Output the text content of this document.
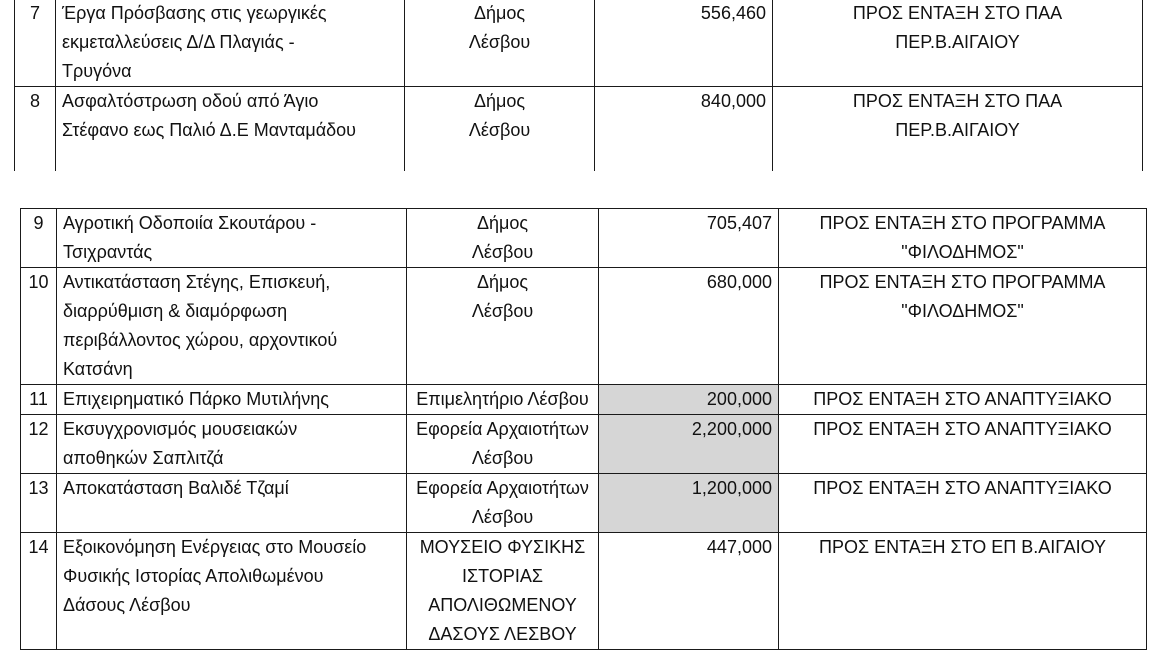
7	Έργα Πρόσβασης στις γεωργικές
εκμεταλλεύσεις Δ/Δ Πλαγιάς -
Τρυγόνα	Δήμος
Λέσβου	556,460	ΠΡΟΣ ΕΝΤΑΞΗ ΣΤΟ ΠΑΑ
ΠΕΡ.Β.ΑΙΓΑΙΟΥ

8	Ασφαλτόστρωση οδού από Άγιο
Στέφανο εως Παλιό Δ.Ε Μανταμάδου	Δήμος
Λέσβου	840,000	ΠΡΟΣ ΕΝΤΑΞΗ ΣΤΟ ΠΑΑ
ΠΕΡ.Β.ΑΙΓΑΙΟΥ
9	Αγροτική Οδοποιία Σκουτάρου -
Τσιχραντάς	Δήμος
Λέσβου	705,407	ΠΡΟΣ ΕΝΤΑΞΗ ΣΤΟ ΠΡΟΓΡΑΜΜΑ
"ΦΙΛΟΔΗΜΟΣ"

10	Αντικατάσταση Στέγης, Επισκευή,
διαρρύθμιση & διαμόρφωση
περιβάλλοντος χώρου, αρχοντικού
Κατσάνη	Δήμος
Λέσβου	680,000	ΠΡΟΣ ΕΝΤΑΞΗ ΣΤΟ ΠΡΟΓΡΑΜΜΑ
"ΦΙΛΟΔΗΜΟΣ"

11	Επιχειρηματικό Πάρκο Μυτιλήνης	Επιμελητήριο Λέσβου	200,000	ΠΡΟΣ ΕΝΤΑΞΗ ΣΤΟ ΑΝΑΠΤΥΞΙΑΚΟ

12	Εκσυγχρονισμός μουσειακών
αποθηκών Σαπλιτζά	Εφορεία Αρχαιοτήτων
Λέσβου	2,200,000	ΠΡΟΣ ΕΝΤΑΞΗ ΣΤΟ ΑΝΑΠΤΥΞΙΑΚΟ

13	Αποκατάσταση Βαλιδέ Τζαμί	Εφορεία Αρχαιοτήτων
Λέσβου	1,200,000	ΠΡΟΣ ΕΝΤΑΞΗ ΣΤΟ ΑΝΑΠΤΥΞΙΑΚΟ

14	Εξοικονόμηση Ενέργειας στο Μουσείο
Φυσικής Ιστορίας Απολιθωμένου
Δάσους Λέσβου	ΜΟΥΣΕΙΟ ΦΥΣΙΚΗΣ
ΙΣΤΟΡΙΑΣ
ΑΠΟΛΙΘΩΜΕΝΟΥ
ΔΑΣΟΥΣ ΛΕΣΒΟΥ	447,000	ΠΡΟΣ ΕΝΤΑΞΗ ΣΤΟ ΕΠ Β.ΑΙΓΑΙΟΥ
